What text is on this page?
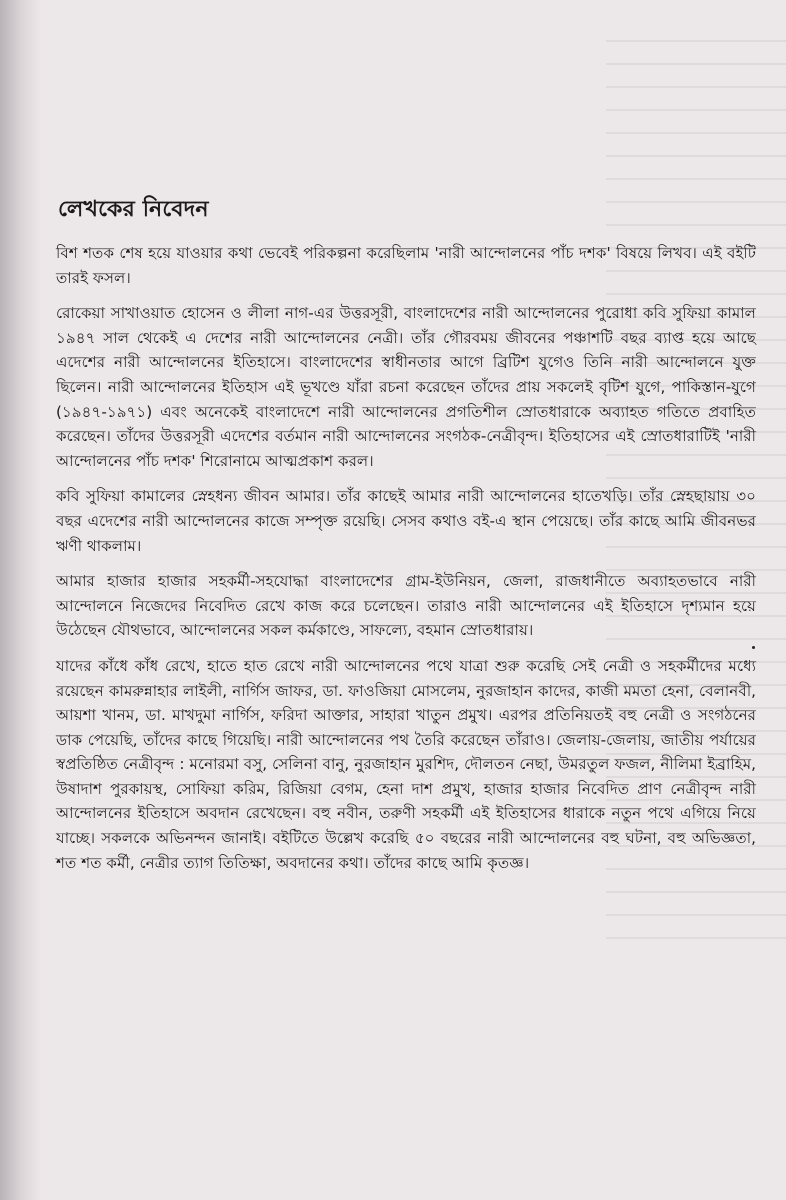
লেখকের নিবেদন

বিশ শতক শেষ হয়ে যাওয়ার কথা ভেবেই পরিকল্পনা করেছিলাম 'নারী আন্দোলনের পাঁচ দশক' বিষয়ে লিখব। এই বইটি তারই ফসল।

রোকেয়া সাখাওয়াত হোসেন ও লীলা নাগ-এর উত্তরসূরী, বাংলাদেশের নারী আন্দোলনের পুরোধা কবি সুফিয়া কামাল ১৯৪৭ সাল থেকেই এ দেশের নারী আন্দোলনের নেত্রী। তাঁর গৌরবময় জীবনের পঞ্চাশটি বছর ব্যাপ্ত হয়ে আছে এদেশের নারী আন্দোলনের ইতিহাসে। বাংলাদেশের স্বাধীনতার আগে ব্রিটিশ যুগেও তিনি নারী আন্দোলনে যুক্ত ছিলেন। নারী আন্দোলনের ইতিহাস এই ভূখণ্ডে যাঁরা রচনা করেছেন তাঁদের প্রায় সকলেই বৃটিশ যুগে, পাকিস্তান-যুগে (১৯৪৭-১৯৭১) এবং অনেকেই বাংলাদেশে নারী আন্দোলনের প্রগতিশীল স্রোতধারাকে অব্যাহত গতিতে প্রবাহিত করেছেন। তাঁদের উত্তরসূরী এদেশের বর্তমান নারী আন্দোলনের সংগঠক-নেত্রীবৃন্দ। ইতিহাসের এই স্রোতধারাটিই 'নারী আন্দোলনের পাঁচ দশক' শিরোনামে আত্মপ্রকাশ করল।

কবি সুফিয়া কামালের স্নেহধন্য জীবন আমার। তাঁর কাছেই আমার নারী আন্দোলনের হাতেখড়ি। তাঁর স্নেহছায়ায় ৩০ বছর এদেশের নারী আন্দোলনের কাজে সম্পৃক্ত রয়েছি। সেসব কথাও বই-এ স্থান পেয়েছে। তাঁর কাছে আমি জীবনভর ঋণী থাকলাম।

আমার হাজার হাজার সহকর্মী-সহযোদ্ধা বাংলাদেশের গ্রাম-ইউনিয়ন, জেলা, রাজধানীতে অব্যাহতভাবে নারী আন্দোলনে নিজেদের নিবেদিত রেখে কাজ করে চলেছেন। তারাও নারী আন্দোলনের এই ইতিহাসে দৃশ্যমান হয়ে উঠেছেন যৌথভাবে, আন্দোলনের সকল কর্মকাণ্ডে, সাফল্যে, বহমান স্রোতধারায়।

যাদের কাঁধে কাঁধ রেখে, হাতে হাত রেখে নারী আন্দোলনের পথে যাত্রা শুরু করেছি সেই নেত্রী ও সহকর্মীদের মধ্যে রয়েছেন কামরুন্নাহার লাইলী, নার্গিস জাফর, ডা. ফাওজিয়া মোসলেম, নুরজাহান কাদের, কাজী মমতা হেনা, বেলানবী, আয়শা খানম, ডা. মাখদুমা নার্গিস, ফরিদা আক্তার, সাহারা খাতুন প্রমুখ। এরপর প্রতিনিয়তই বহু নেত্রী ও সংগঠনের ডাক পেয়েছি, তাঁদের কাছে গিয়েছি। নারী আন্দোলনের পথ তৈরি করেছেন তাঁরাও। জেলায়-জেলায়, জাতীয় পর্যায়ের স্বপ্রতিষ্ঠিত নেত্রীবৃন্দ : মনোরমা বসু, সেলিনা বানু, নুরজাহান মুরশিদ, দৌলতন নেছা, উমরতুল ফজল, নীলিমা ইব্রাহিম, উষাদাশ পুরকায়স্থ, সোফিয়া করিম, রিজিয়া বেগম, হেনা দাশ প্রমুখ, হাজার হাজার নিবেদিত প্রাণ নেত্রীবৃন্দ নারী আন্দোলনের ইতিহাসে অবদান রেখেছেন। বহু নবীন, তরুণী সহকর্মী এই ইতিহাসের ধারাকে নতুন পথে এগিয়ে নিয়ে যাচ্ছে। সকলকে অভিনন্দন জানাই। বইটিতে উল্লেখ করেছি ৫০ বছরের নারী আন্দোলনের বহু ঘটনা, বহু অভিজ্ঞতা, শত শত কর্মী, নেত্রীর ত্যাগ তিতিক্ষা, অবদানের কথা। তাঁদের কাছে আমি কৃতজ্ঞ।
